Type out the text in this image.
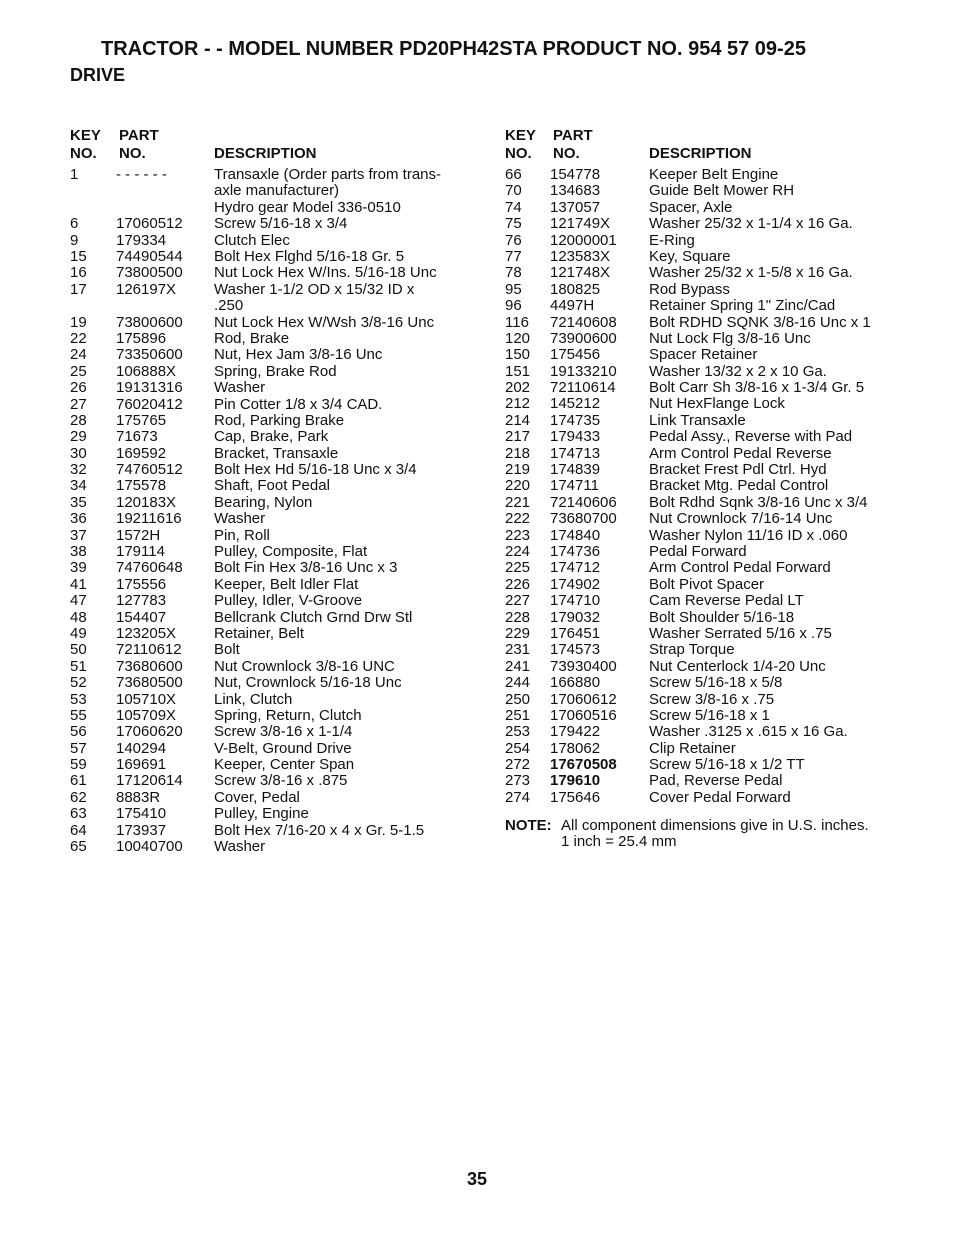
TRACTOR - - MODEL NUMBER PD20PH42STA PRODUCT NO. 954 57 09-25
DRIVE
KEY
NO.
PART
NO.	DESCRIPTION
1	- - - - - -	Transaxle (Order parts from trans-
axle manufacturer)
Hydro gear Model 336-0510
6	17060512 Screw 5/16-18 x 3/4
9	179334	Clutch Elec
15 74490544 Bolt Hex Flghd 5/16-18 Gr. 5
16 73800500 Nut Lock Hex W/Ins. 5/16-18 Unc
17 126197X	Washer 1-1/2 OD x 15/32 ID x
.250
19 73800600 Nut Lock Hex W/Wsh 3/8-16 Unc
22 175896	Rod, Brake
24 73350600 Nut, Hex Jam 3/8-16 Unc
25 106888X	Spring, Brake Rod
26 19131316 Washer
27 76020412 Pin Cotter 1/8 x 3/4 CAD.
28 175765	Rod, Parking Brake
29 71673	Cap, Brake, Park
30 169592	Bracket, Transaxle
32 74760512 Bolt Hex Hd 5/16-18 Unc x 3/4
34 175578	Shaft, Foot Pedal
35 120183X	Bearing, Nylon
36 19211616 Washer
37 1572H	Pin, Roll
38 179114	Pulley, Composite, Flat
39 74760648 Bolt Fin Hex 3/8-16 Unc x 3
41 175556	Keeper, Belt Idler Flat
47 127783	Pulley, Idler, V-Groove
48 154407	Bellcrank Clutch Grnd Drw Stl
49 123205X	Retainer, Belt
50 72110612 Bolt
51 73680600 Nut Crownlock 3/8-16 UNC
52 73680500 Nut, Crownlock 5/16-18 Unc
53 105710X	Link, Clutch
55 105709X	Spring, Return, Clutch
56 17060620 Screw 3/8-16 x 1-1/4
57 140294	V-Belt, Ground Drive
59 169691	Keeper, Center Span
61 17120614 Screw 3/8-16 x .875
62 8883R	Cover, Pedal
63 175410	Pulley, Engine
64 173937	Bolt Hex 7/16-20 x 4 x Gr. 5-1.5
65 10040700 Washer
KEY
NO.
PART
NO.	DESCRIPTION
66 154778	Keeper Belt Engine
70 134683	Guide Belt Mower RH
74 137057	Spacer, Axle
75 121749X	Washer 25/32 x 1-1/4 x 16 Ga.
76 12000001 E-Ring
77 123583X	Key, Square
78 121748X	Washer 25/32 x 1-5/8 x 16 Ga.
95 180825	Rod Bypass
96 4497H	Retainer Spring 1" Zinc/Cad
116 72140608 Bolt RDHD SQNK 3/8-16 Unc x 1
120 73900600 Nut Lock Flg 3/8-16 Unc
150 175456	Spacer Retainer
151 19133210 Washer 13/32 x 2 x 10 Ga.
202 72110614 Bolt Carr Sh 3/8-16 x 1-3/4 Gr. 5
212 145212	Nut HexFlange Lock
214 174735	Link Transaxle
217 179433	Pedal Assy., Reverse with Pad
218 174713	Arm Control Pedal Reverse
219 174839	Bracket Frest Pdl Ctrl. Hyd
220 174711	Bracket Mtg. Pedal Control
221 72140606 Bolt Rdhd Sqnk 3/8-16 Unc x 3/4
222 73680700 Nut Crownlock 7/16-14 Unc
223 174840	Washer Nylon 11/16 ID x .060
224 174736	Pedal Forward
225 174712	Arm Control Pedal Forward
226 174902	Bolt Pivot Spacer
227 174710	Cam Reverse Pedal LT
228 179032	Bolt Shoulder 5/16-18
229 176451	Washer Serrated 5/16 x .75
231 174573	Strap Torque
241 73930400 Nut Centerlock 1/4-20 Unc
244 166880	Screw 5/16-18 x 5/8
250 17060612 Screw 3/8-16 x .75
251 17060516 Screw 5/16-18 x 1
253 179422	Washer .3125 x .615 x 16 Ga.
254 178062	Clip Retainer
272 17670508 Screw 5/16-18 x 1/2 TT
273 179610	Pad, Reverse Pedal
274 175646	Cover Pedal Forward
NOTE: All component dimensions give in U.S. inches.
1 inch = 25.4 mm
35
